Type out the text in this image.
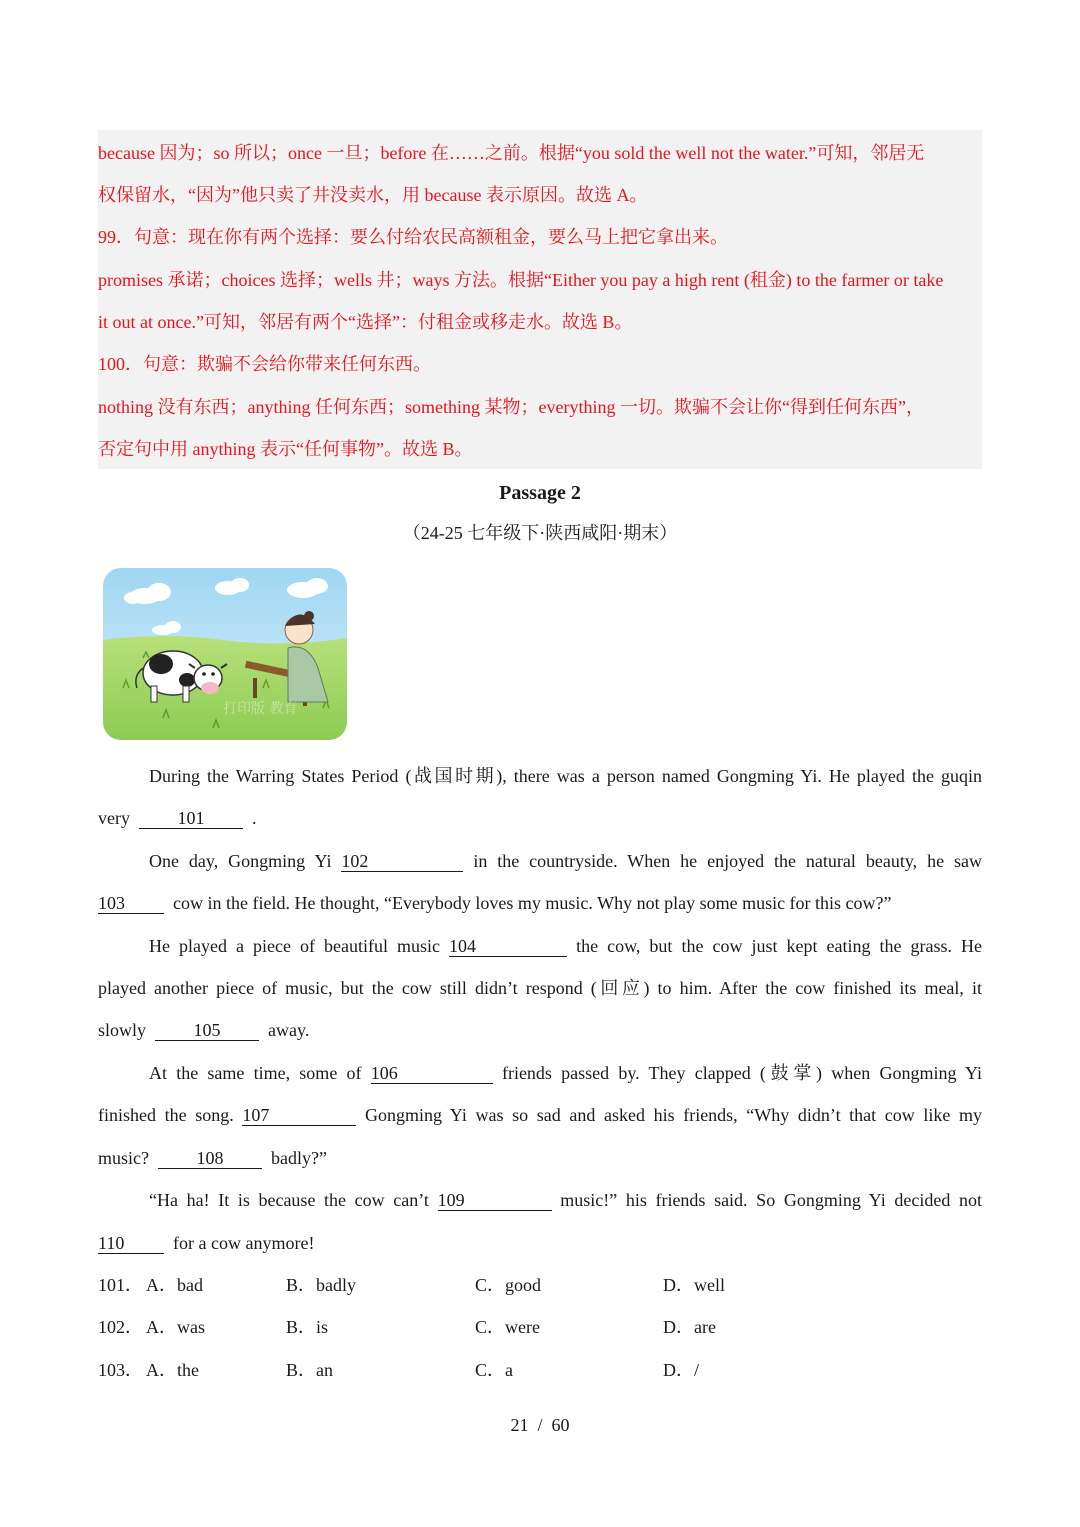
because 因为；so 所以；once 一旦；before 在……之前。根据“you sold the well not the water.”可知，邻居无
权保留水，“因为”他只卖了井没卖水，用 because 表示原因。故选 A。
99．句意：现在你有两个选择：要么付给农民高额租金，要么马上把它拿出来。
promises 承诺；choices 选择；wells 井；ways 方法。根据“Either you pay a high rent (租金) to the farmer or take
it out at once.”可知，邻居有两个“选择”：付租金或移走水。故选 B。
100．句意：欺骗不会给你带来任何东西。
nothing 没有东西；anything 任何东西；something 某物；everything 一切。欺骗不会让你“得到任何东西”，
否定句中用 anything 表示“任何事物”。故选 B。
Passage 2
（24-25 七年级下·陕西咸阳·期末）
打印版 教育
During the Warring States Period (战国时期), there was a person named Gongming Yi. He played the guqin
very	101	.
One day, Gongming Yi 102	in the countryside. When he enjoyed the natural beauty, he saw
103	cow in the field. He thought, “Everybody loves my music. Why not play some music for this cow?”
He played a piece of beautiful music 104	the cow, but the cow just kept eating the grass. He
played another piece of music, but the cow still didn’t respond (回应) to him. After the cow finished its meal, it
slowly	105	away.
At the same time, some of 106	friends passed by. They clapped (鼓掌) when Gongming Yi
finished the song. 107	Gongming Yi was so sad and asked his friends, “Why didn’t that cow like my
music?	108	badly?”
“Ha ha! It is because the cow can’t 109	music!” his friends said. So Gongming Yi decided not
110	for a cow anymore!
101． A．bad	B．badly	C．good	D．well
102． A．was	B．is	C．were	D．are
103． A．the	B．an	C．a	D．/
21 / 60
